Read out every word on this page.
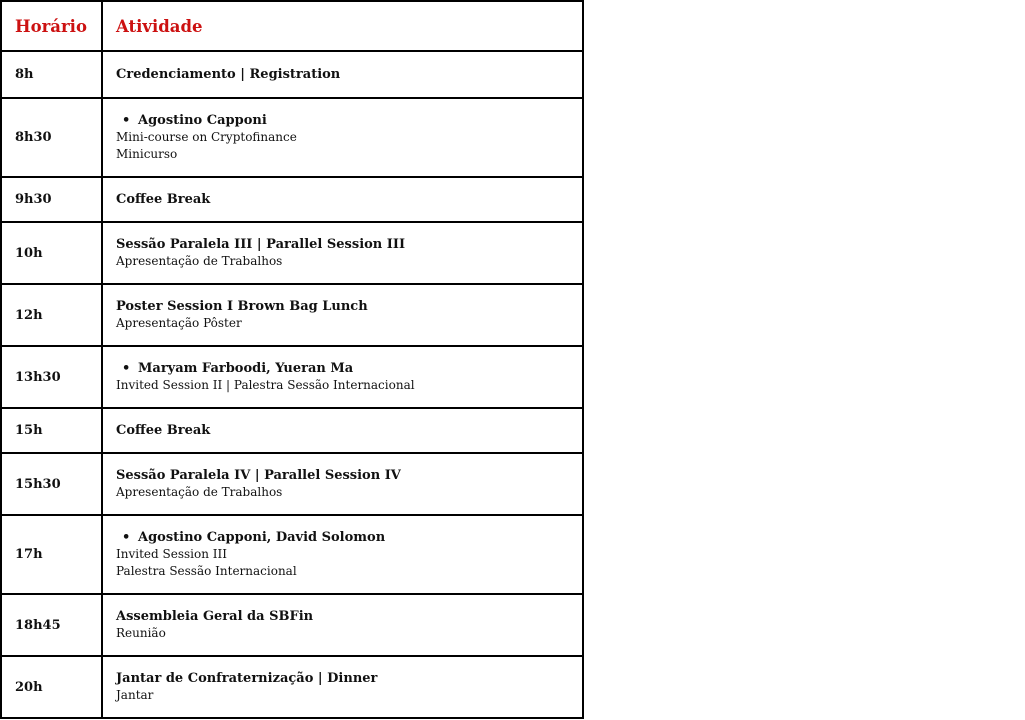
Horário	Atividade
8h	Credenciamento | Registration

8h30	• Agostino Capponi
Mini-course on Cryptofinance
Minicurso

9h30	Coffee Break

10h	Sessão Paralela III | Parallel Session III
Apresentação de Trabalhos

12h	Poster Session I Brown Bag Lunch
Apresentação Pôster

13h30	• Maryam Farboodi, Yueran Ma
Invited Session II | Palestra Sessão Internacional

15h	Coffee Break

15h30	Sessão Paralela IV | Parallel Session IV
Apresentação de Trabalhos

17h	• Agostino Capponi, David Solomon
Invited Session III
Palestra Sessão Internacional

18h45	Assembleia Geral da SBFin
Reunião

20h	Jantar de Confraternização | Dinner
Jantar
